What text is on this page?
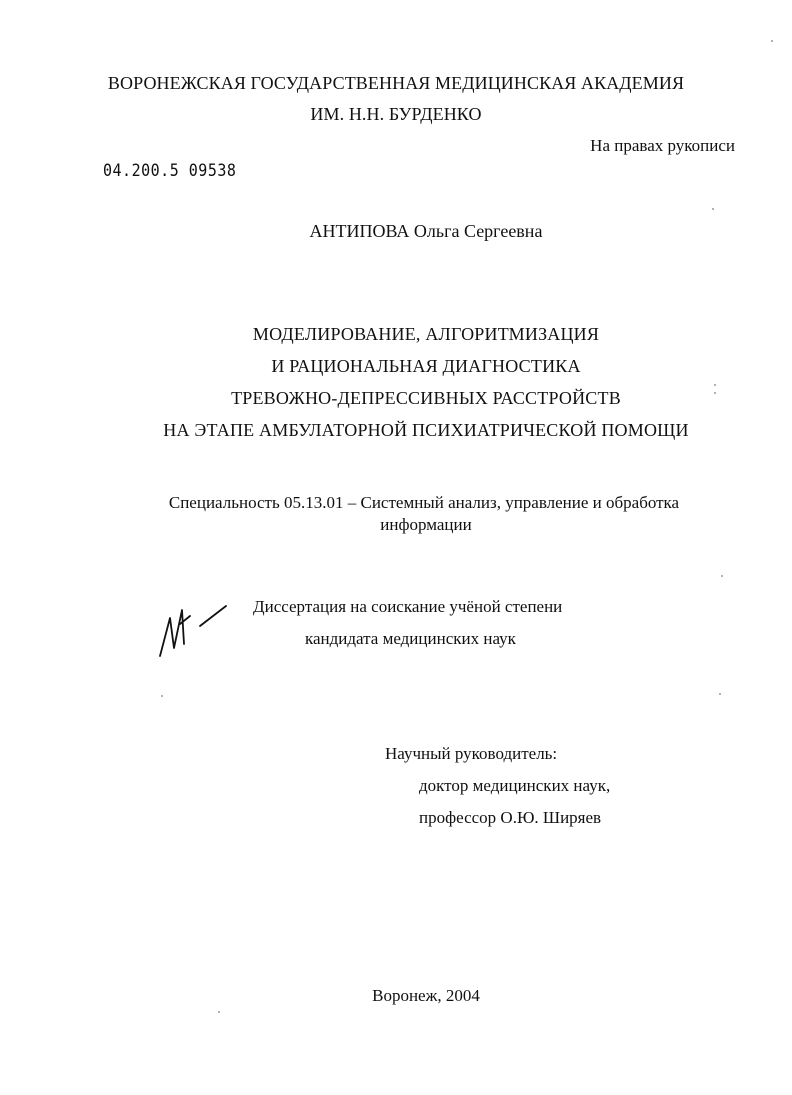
ВОРОНЕЖСКАЯ ГОСУДАРСТВЕННАЯ МЕДИЦИНСКАЯ АКАДЕМИЯ
ИМ. Н.Н. БУРДЕНКО
На правах рукописи
04.200.5 09538
АНТИПОВА Ольга Сергеевна
МОДЕЛИРОВАНИЕ, АЛГОРИТМИЗАЦИЯ
И РАЦИОНАЛЬНАЯ ДИАГНОСТИКА
ТРЕВОЖНО-ДЕПРЕССИВНЫХ РАССТРОЙСТВ
НА ЭТАПЕ АМБУЛАТОРНОЙ ПСИХИАТРИЧЕСКОЙ ПОМОЩИ
Специальность 05.13.01 – Системный анализ, управление и обработка
информации
Диссертация на соискание учёной степени
кандидата медицинских наук
Научный руководитель:
доктор медицинских наук,
профессор О.Ю. Ширяев
Воронеж, 2004
